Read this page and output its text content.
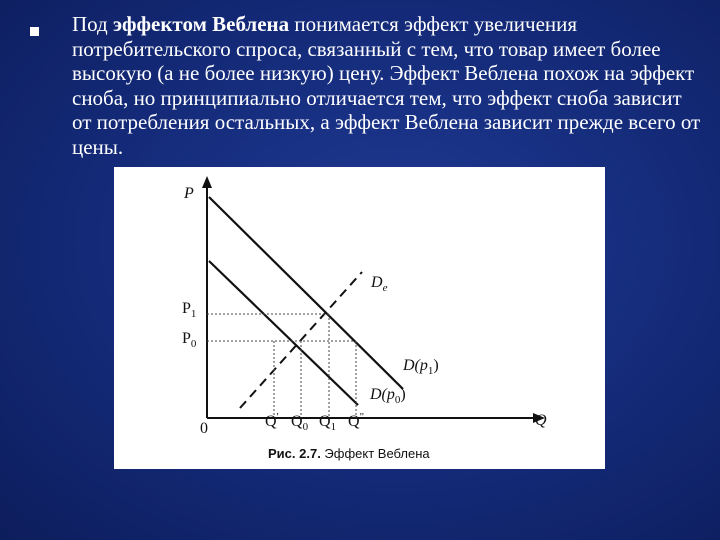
Под эффектом Веблена понимается эффект увеличения потребительского спроса, связанный с тем, что товар имеет более высокую (а не более низкую) цену. Эффект Веблена похож на эффект сноба, но принципиально отличается тем, что эффект сноба зависит от потребления остальных, а эффект Веблена зависит прежде всего от цены.
P
Q
0
$P_1$
$P_0$
Q' $Q_0$ $Q_1$ Q"
$D_e$
$D(p_1)$
$D(p_0)$
Рис. 2.7. Эффект Веблена
